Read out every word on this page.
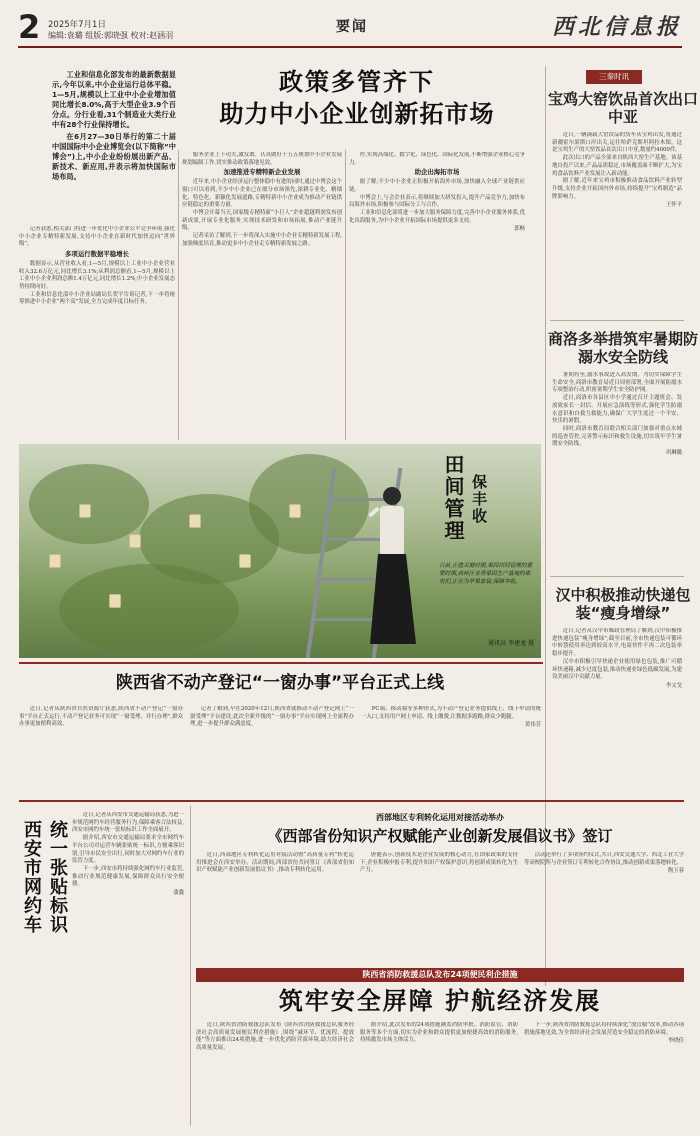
2 2025年7月1日
编辑:袁璐 组版:郭晓强 校对:赵涵羽
要闻	西北信息报

工业和信息化部发布的最新数据显示,今年以来,中小企业运行总体平稳。1—5月,规模以上工业中小企业增加值同比增长8.0%,高于大型企业3.9个百分点。分行业看,31个制造业大类行业中有28个行业保持增长。

在6月27—30日举行的第二十届中国国际中小企业博览会(以下简称“中博会”)上,中小企业纷纷展出新产品、新技术、新应用,并表示将加快国际市场布局。

政策多管齐下
助力中小企业创新拓市场

记者获悉,相关部门将进一步优化中小企业公平竞争环境,强化中小企业专精特新发展,支持中小企业在新时代加快迈向“世界级”。

多项运行数据平稳增长

数据显示,从营业收入看,1—5月,规模以上工业中小企业营业收入32.6万亿元,同比增长3.1%;从利润总额看,1—5月,规模以上工业中小企业利润总额1.4万亿元,同比增长1.2%,中小企业发展态势持续向好。

工业和信息化部中小企业局副局长贺宇告诉记者,下一步将统筹推进中小企业“两个高”发展,全力完成年度目标任务。

服务企业上下功夫,激发敢、认真做好十五五规划中小企业发展规划编制工作,切实推动政策落地见效。

加速推进专精特新企业发展

近年来,中小企业经济运行整体稳中有进的同时,通过中博会这个窗口可以看到,不少中小企业已在细分市场领先,深耕专业化、精细化、特色化、新颖化发展道路,专精特新中小企业成为推动产业链供应链稳定的重要力量。

中博会开幕当天,国家级专精特新“小巨人”企业超越利润发布创新成果,开展专业化服务,实现技术研发和市场拓展,推动产业链升级。

记者采访了解到,下一步将深入实施中小企业专精特新发展工程,加强梯度培育,推动更多中小企业走专精特新发展之路。

作,实现高端化、数字化、绿色化、国际化发展,不断增强企业核心竞争力。

助企出海拓市场

据了解,不少中小企业正积极开拓海外市场,加快融入全球产业链供应链。

中博会上,与会企业表示,将继续加大研发投入,提升产品竞争力,加快布局海外市场,积极参与国际分工与合作。

工业和信息化部将进一步加大服务保障力度,完善中小企业服务体系,优化出海服务,为中小企业开拓国际市场提供更多支持。

郭畅
三秦时讯
宝鸡大窑饮品首次出口中亚

近日,一辆满载大窑饮品的货车从宝鸡出发,将通过新疆霍尔果斯口岸出关,运往哈萨克斯坦阿拉木图。这是宝鸡生产的大窑饮品首次出口中亚,数量约4000件。

此次出口的产品全部来自陕西大窑生产基地。该基地自投产以来,产品品质稳定,市场覆盖面不断扩大,为宝鸡食品饮料产业发展注入新动能。

据了解,近年来宝鸡市积极推动食品饮料产业转型升级,支持企业开拓国内外市场,持续提升“宝鸡制造”品牌影响力。

王怀平
商洛多举措筑牢暑期防溺水安全防线

暑期将至,溺水事故进入高发期。为切实保障学生生命安全,商洛市教育局近日周密部署,全面开展防溺水专项整治行动,织密暑期学生安全防护网。

近日,商洛市各县区中小学通过召开主题班会、发放致家长一封信、开展应急演练等形式,强化学生防溺水意识和自救互救能力,确保广大学生度过一个平安、快乐的暑假。

同时,商洛市教育局联合相关部门加强对重点水域的巡查管控,完善警示标识和救生设施,切实筑牢学生暑期安全防线。

巩琳璐
汉中积极推动快递包装“瘦身增绿”

近日,记者从汉中市邮政管理局了解到,汉中积极推进快递包装“瘦身增绿”,截至目前,全市快递包装可循环中转袋使用率达到较高水平,电商快件不再二次包装率稳步提升。

汉中市积极引导快递企业使用绿色包装,推广可循环快递箱,减少过度包装,推动快递业绿色低碳发展,为建设美丽汉中贡献力量。

李文戈
田间管理 保丰收
日前,正值关键时期,果园田间管理的重要时期,商州区金秀果园生产基地的果农们,正在为苹果套袋,保障丰收。
通讯员 李建龙 摄
陕西省不动产登记“一窗办事”平台正式上线

近日,记者从陕西省自然资源厅获悉,陕西省不动产登记“一窗办事”平台正式运行,不动产登记业务可实现“一窗受理、并行办理”,群众办事更加便利高效。

记者了解到,早在2020年12月,陕西省就推动不动产登记网上“一窗受理”平台建设,此次全新升级的“一窗办事”平台实现网上全流程办理,进一步提升群众满意度。

PC端、移动端等多种形式,为不动产登记业务提供线上、线下申请的统一入口,支持用户网上申请、线上缴费,让数据多跑路,群众少跑腿。

黄伟芳
统一张贴标识
西安市网约车

近日,记者从西安市交通运输局获悉,为进一步规范网约车经营服务行为,保障乘客合法权益,西安市网约车统一张贴标识工作全面展开。

据介绍,西安市交通运输局要求全市网约车平台公司对运营车辆张贴统一标识,方便乘客识别,引导市民安全出行,同时加大对网约车行业的监管力度。

下一步,西安市将持续强化网约车行业监管,推动行业规范健康发展,保障群众出行安全便捷。

蒲鑫
西部地区专利转化运用对接活动举办
《西部省份知识产权赋能产业创新发展倡议书》签订

近日,西部地区专利转化运用对接活动暨“高质量专利”转化运用推进会在西安举办。活动期间,西部省份共同签订《西部省份知识产权赋能产业创新发展倡议书》,推动专利转化运用。

唐健表示,创新技术是企业发展的核心动力,在国家政策的支持下,企业积极申报专利,提升知识产权保护意识,将创新成果转化为生产力。

活动还举行了多项签约仪式,共计,西安交通大学、西北工业大学等高校院所与企业签订专利转化合作协议,推动创新成果落地转化。

陶玉蓉
陕西省消防救援总队发布24项便民利企措施
筑牢安全屏障 护航经济发展

近日,陕西省消防救援总队发布《陕西省消防救援总队服务经济社会高质量发展便民利企措施》,围绕“减环节、优流程、提效能”等方面推出24项措施,进一步优化消防营商环境,助力经济社会高质量发展。

据介绍,此次发布的24项措施涵盖消防审批、消防监管、消防服务等多个方面,切实为企业和群众提供更加便捷高效的消防服务,持续激发市场主体活力。

下一步,陕西省消防救援总队将持续深化“放管服”改革,推动各项措施落地见效,为全省经济社会发展营造安全稳定的消防环境。

李晓佳
